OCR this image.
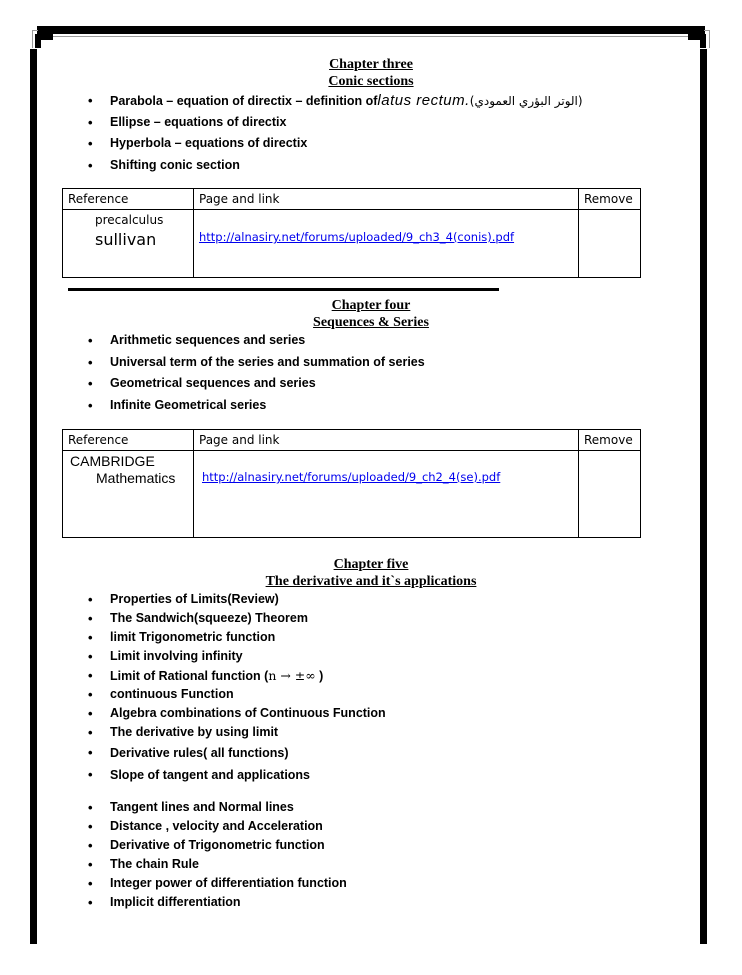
Chapter three
Conic sections
• Parabola – equation of directix – definition oflatus rectum.(الوتر البؤري العمودي)
• Ellipse – equations of directix
• Hyperbola – equations of directix
• Shifting conic section
Reference	Page and link	Remove

precalculus
sullivan	http://alnasiry.net/forums/uploaded/9_ch3_4(conis).pdf	
Chapter four
Sequences & Series
• Arithmetic sequences and series
• Universal term of the series and summation of series
• Geometrical sequences and series
• Infinite Geometrical series
Reference	Page and link	Remove

CAMBRIDGE
Mathematics	http://alnasiry.net/forums/uploaded/9_ch2_4(se).pdf	
Chapter five
The derivative and it`s applications
• Properties of Limits(Review)
• The Sandwich(squeeze) Theorem
• limit Trigonometric function
• Limit involving infinity
• Limit of Rational function (n → ±∞ )
• continuous Function
• Algebra combinations of Continuous Function
• The derivative by using limit
• Derivative rules( all functions)
• Slope of tangent and applications
• Tangent lines and Normal lines
• Distance , velocity and Acceleration
• Derivative of Trigonometric function
• The chain Rule
• Integer power of differentiation function
• Implicit differentiation
